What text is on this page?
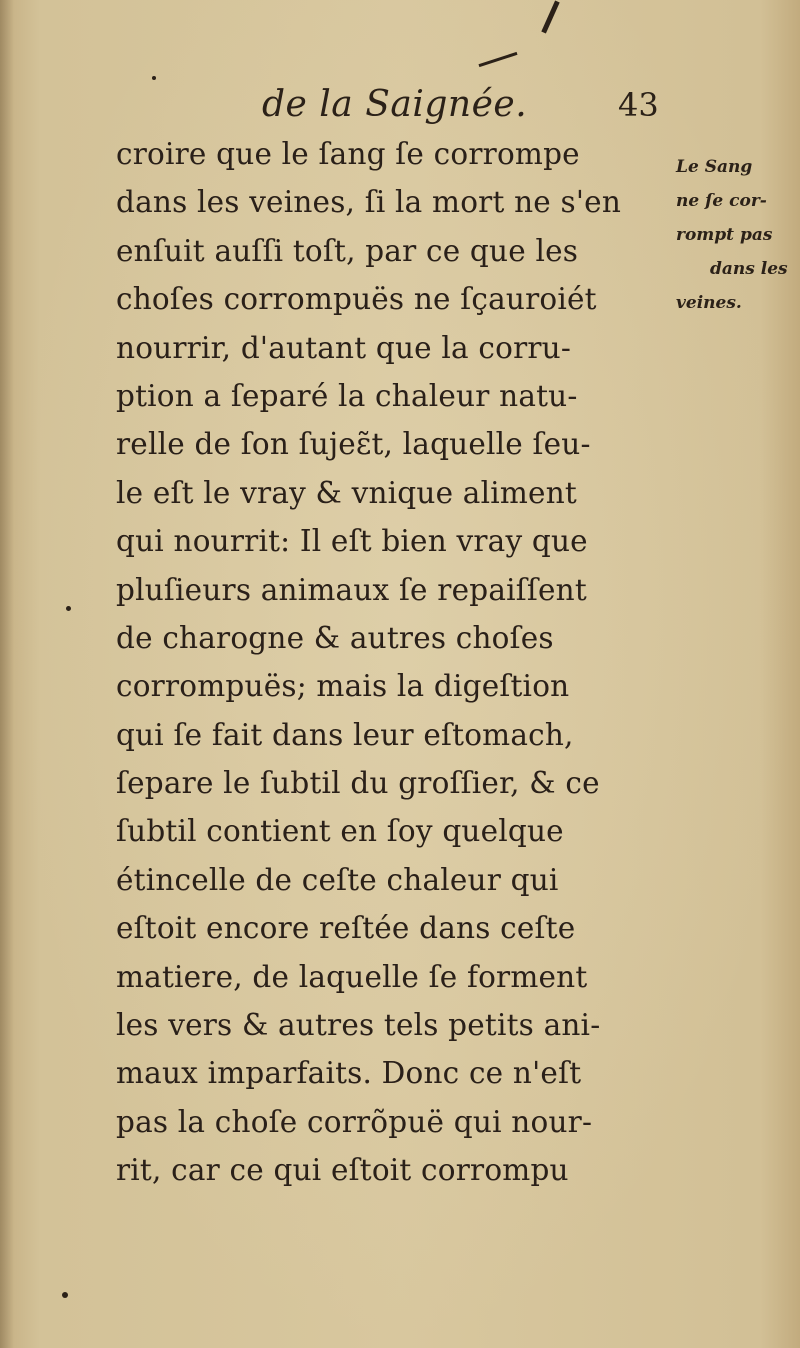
de la Saignée.	43
croire que le ſang ſe corrompe
dans les veines, ſi la mort ne s'en
enſuit auſſi toſt, par ce que les
choſes corrompuës ne ſçauroiét
nourrir, d'autant que la corru-
ption a ſeparé la chaleur natu-
relle de ſon ſujeɛ̃t, laquelle ſeu-
le eſt le vray & vnique aliment
qui nourrit: Il eſt bien vray que
pluſieurs animaux ſe repaiſſent
de charogne & autres choſes
corrompuës; mais la digeſtion
qui ſe fait dans leur eſtomach,
ſepare le ſubtil du groſſier, & ce
ſubtil contient en ſoy quelque
étincelle de ceſte chaleur qui
eſtoit encore reſtée dans ceſte
matiere, de laquelle ſe forment
les vers & autres tels petits ani-
maux imparfaits. Donc ce n'eſt
pas la choſe corrõpuë qui nour-
rit, car ce qui eſtoit corrompu
Le Sang
ne ſe cor-
rompt pas
dans les
veines.
